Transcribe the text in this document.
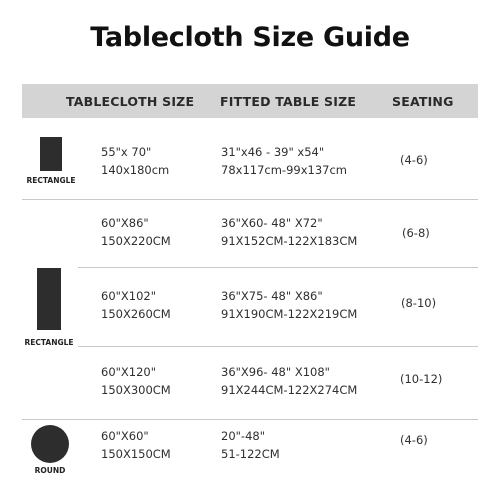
Tablecloth Size Guide
TABLECLOTH SIZE FITTED TABLE SIZE	SEATING
RECTANGLE
RECTANGLE
ROUND
55"x 70"
140x180cm
31"x46 - 39" x54"
78x117cm-99x137cm
(4-6)
60"X86"
150X220CM
36"X60- 48" X72"
91X152CM-122X183CM
(6-8)
60"X102"
150X260CM
36"X75- 48" X86"
91X190CM-122X219CM
(8-10)
60"X120"
150X300CM
36"X96- 48" X108"
91X244CM-122X274CM
(10-12)
60"X60"
150X150CM
20"-48"
51-122CM
(4-6)
